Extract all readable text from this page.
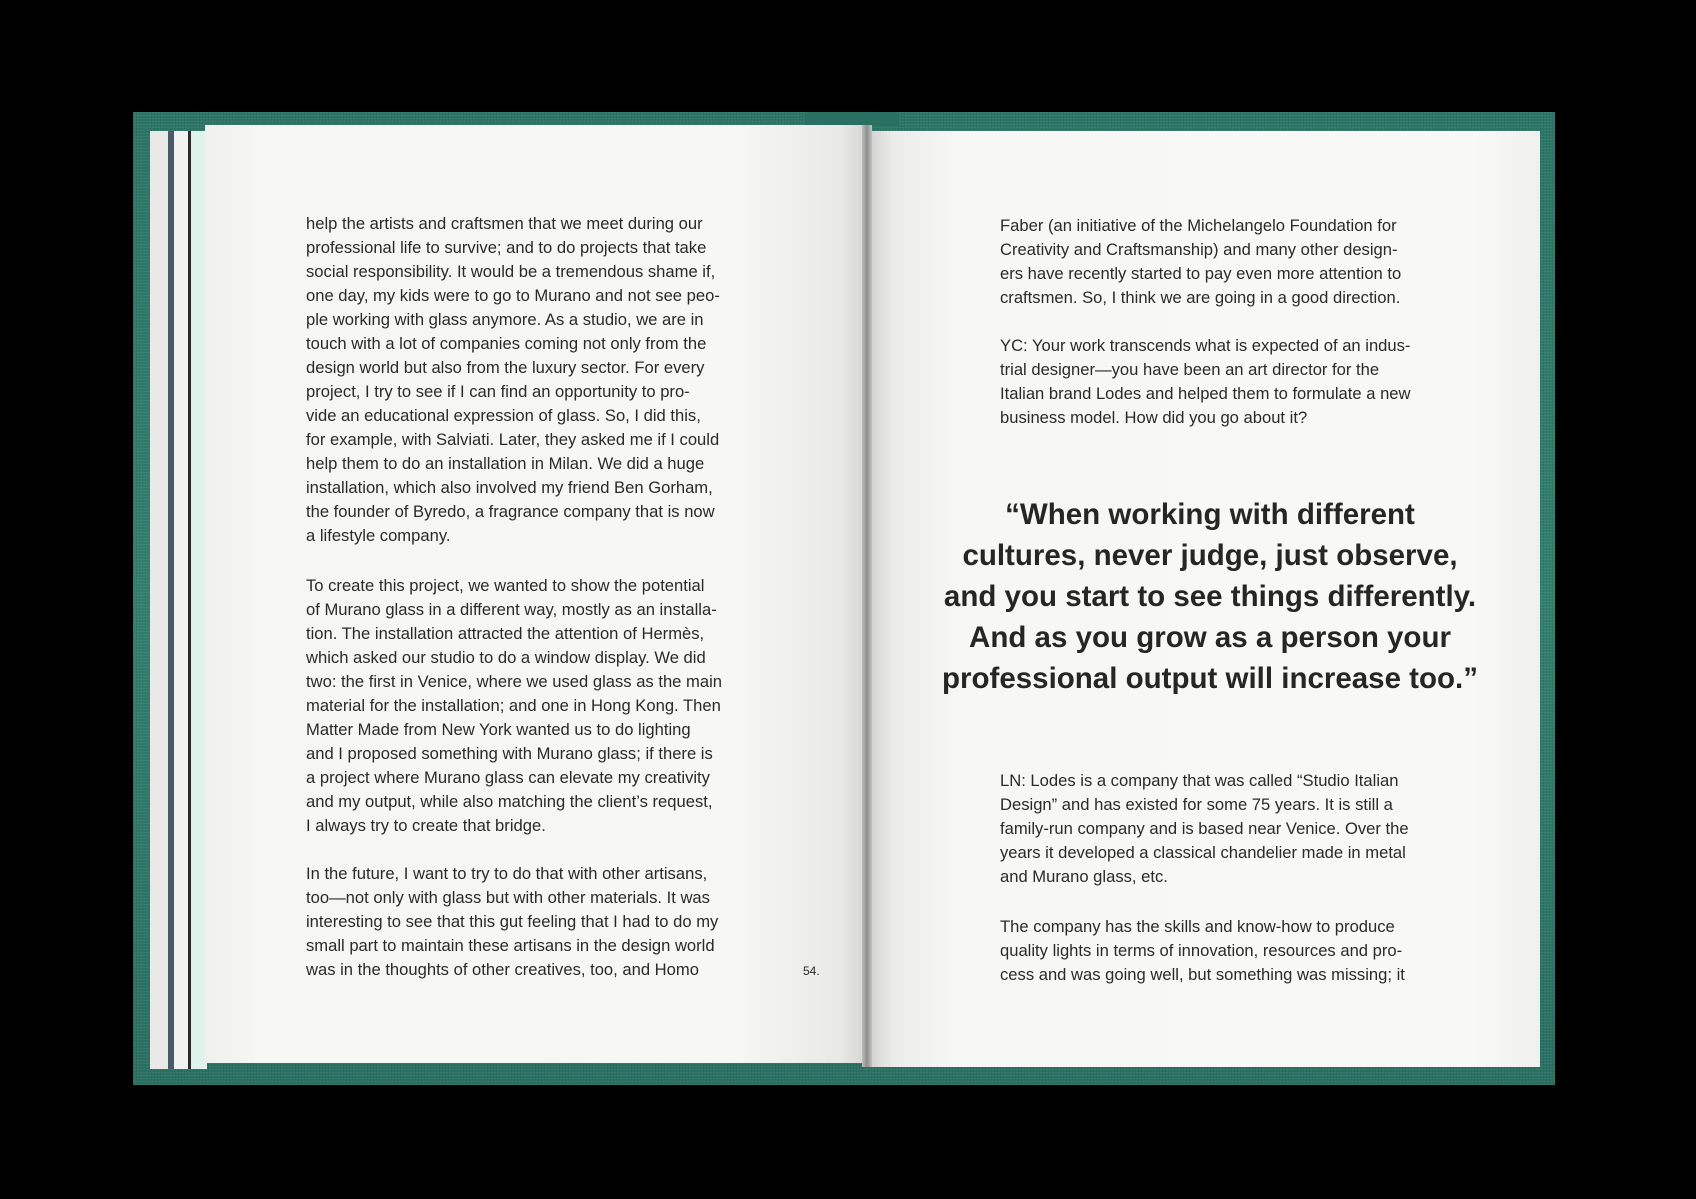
help the artists and craftsmen that we meet during our
professional life to survive; and to do projects that take
social responsibility. It would be a tremendous shame if,
one day, my kids were to go to Murano and not see peo-
ple working with glass anymore. As a studio, we are in
touch with a lot of companies coming not only from the
design world but also from the luxury sector. For every
project, I try to see if I can find an opportunity to pro-
vide an educational expression of glass. So, I did this,
for example, with Salviati. Later, they asked me if I could
help them to do an installation in Milan. We did a huge
installation, which also involved my friend Ben Gorham,
the founder of Byredo, a fragrance company that is now
a lifestyle company.
To create this project, we wanted to show the potential
of Murano glass in a different way, mostly as an installa-
tion. The installation attracted the attention of Hermès,
which asked our studio to do a window display. We did
two: the first in Venice, where we used glass as the main
material for the installation; and one in Hong Kong. Then
Matter Made from New York wanted us to do lighting
and I proposed something with Murano glass; if there is
a project where Murano glass can elevate my creativity
and my output, while also matching the client’s request,
I always try to create that bridge.
In the future, I want to try to do that with other artisans,
too—not only with glass but with other materials. It was
interesting to see that this gut feeling that I had to do my
small part to maintain these artisans in the design world
was in the thoughts of other creatives, too, and Homo	54.
Faber (an initiative of the Michelangelo Foundation for
Creativity and Craftsmanship) and many other design-
ers have recently started to pay even more attention to
craftsmen. So, I think we are going in a good direction.
YC: Your work transcends what is expected of an indus-
trial designer—you have been an art director for the
Italian brand Lodes and helped them to formulate a new
business model. How did you go about it?
“When working with different
cultures, never judge, just observe,
and you start to see things differently.
And as you grow as a person your
professional output will increase too.”
LN: Lodes is a company that was called “Studio Italian
Design” and has existed for some 75 years. It is still a
family-run company and is based near Venice. Over the
years it developed a classical chandelier made in metal
and Murano glass, etc.
The company has the skills and know-how to produce
quality lights in terms of innovation, resources and pro-
cess and was going well, but something was missing; it
